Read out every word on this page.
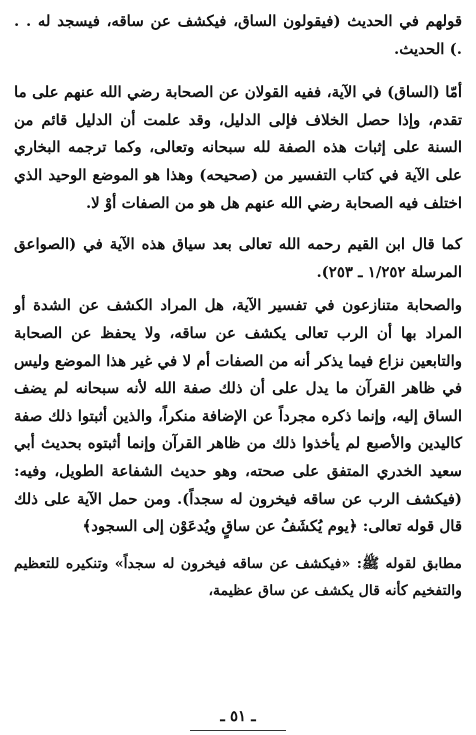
قولهم في الحديث (فيقولون الساق، فيكشف عن ساقه، فيسجد له . . .) الحديث.

أمّا (الساق) في الآية، ففيه القولان عن الصحابة رضي الله عنهم على ما تقدم، وإذا حصل الخلاف فإلى الدليل، وقد علمت أن الدليل قائم من السنة على إثبات هذه الصفة لله سبحانه وتعالى، وكما ترجمه البخاري على الآية في كتاب التفسير من (صحيحه) وهذا هو الموضع الوحيد الذي اختلف فيه الصحابة رضي الله عنهم هل هو من الصفات أوْ لا.

كما قال ابن القيم رحمه الله تعالى بعد سياق هذه الآية في (الصواعق المرسلة ١/٢٥٢ ـ ٢٥٣).

والصحابة متنازعون في تفسير الآية، هل المراد الكشف عن الشدة أو المراد بها أن الرب تعالى يكشف عن ساقه، ولا يحفظ عن الصحابة والتابعين نزاع فيما يذكر أنه من الصفات أم لا في غير هذا الموضع وليس في ظاهر القرآن ما يدل على أن ذلك صفة الله لأنه سبحانه لم يضف الساق إليه، وإنما ذكره مجرداً عن الإضافة منكراً، والذين أثبتوا ذلك صفة كاليدين والأصبع لم يأخذوا ذلك من ظاهر القرآن وإنما أثبتوه بحديث أبي سعيد الخدري المتفق على صحته، وهو حديث الشفاعة الطويل، وفيه: (فيكشف الرب عن ساقه فيخرون له سجداً). ومن حمل الآية على ذلك قال قوله تعالى: ﴿يوم يُكشَفُ عن ساقٍ ويُدعَوْن إلى السجود﴾

مطابق لقوله ﷺ: «فيكشف عن ساقه فيخرون له سجداً» وتنكيره للتعظيم والتفخيم كأنه قال يكشف عن ساق عظيمة،

ـ ٥١ ـ
